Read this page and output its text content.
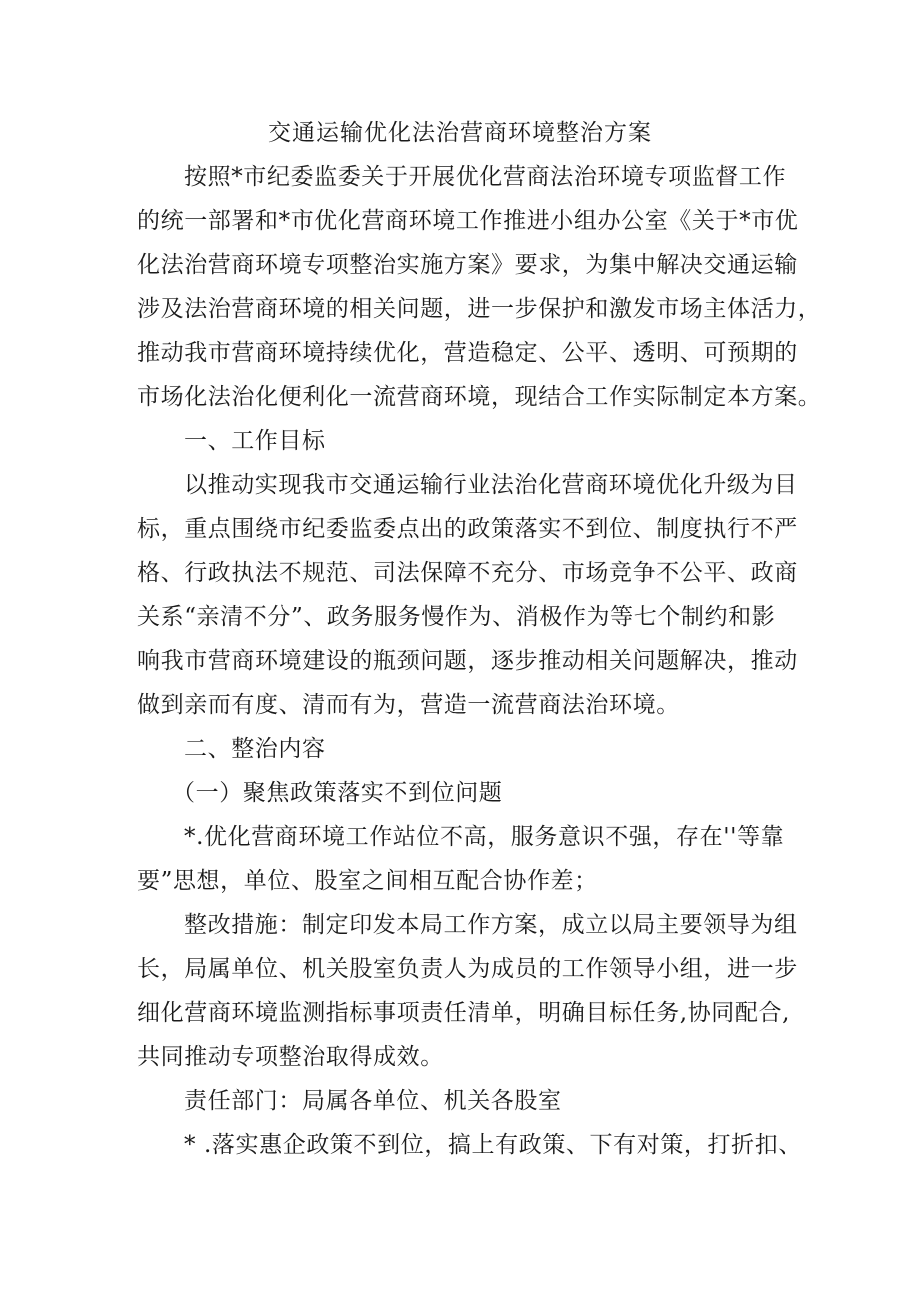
交通运输优化法治营商环境整治方案
按照*市纪委监委关于开展优化营商法治环境专项监督工作
的统一部署和*市优化营商环境工作推进小组办公室《关于*市优
化法治营商环境专项整治实施方案》要求，为集中解决交通运输
涉及法治营商环境的相关问题，进一步保护和激发市场主体活力，
推动我市营商环境持续优化，营造稳定、公平、透明、可预期的
市场化法治化便利化一流营商环境，现结合工作实际制定本方案。
一、工作目标
以推动实现我市交通运输行业法治化营商环境优化升级为目
标，重点围绕市纪委监委点出的政策落实不到位、制度执行不严
格、行政执法不规范、司法保障不充分、市场竞争不公平、政商
关系“亲清不分”、政务服务慢作为、消极作为等七个制约和影
响我市营商环境建设的瓶颈问题，逐步推动相关问题解决，推动
做到亲而有度、清而有为，营造一流营商法治环境。
二、整治内容
（一）聚焦政策落实不到位问题
*.优化营商环境工作站位不高，服务意识不强，存在''等靠
要”思想，单位、股室之间相互配合协作差；
整改措施：制定印发本局工作方案，成立以局主要领导为组
长，局属单位、机关股室负责人为成员的工作领导小组，进一步
细化营商环境监测指标事项责任清单，明确目标任务,协同配合,
共同推动专项整治取得成效。
责任部门：局属各单位、机关各股室
* .落实惠企政策不到位，搞上有政策、下有对策，打折扣、
